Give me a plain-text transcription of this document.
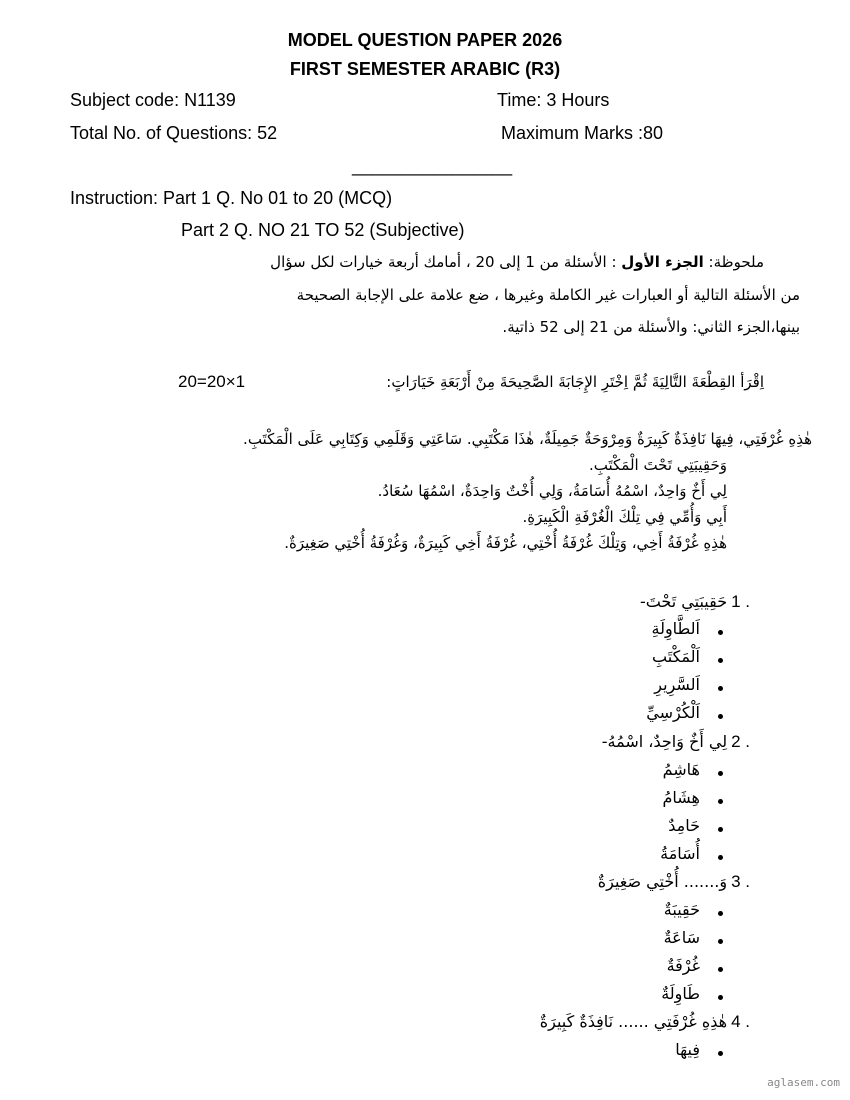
MODEL QUESTION PAPER 2026
FIRST SEMESTER ARABIC (R3)
Subject code: N1139	Time: 3 Hours
Total No. of Questions: 52	Maximum Marks :80
________________
Instruction: Part 1 Q. No 01 to 20 (MCQ)
Part 2 Q. NO 21 TO 52 (Subjective)
ملحوظة: الجزء الأول : الأسئلة من 1 إلى 20 ، أمامك أربعة خيارات لكل سؤال
من الأسئلة التالية أو العبارات غير الكاملة وغيرها ، ضع علامة على الإجابة الصحيحة
بينها،الجزء الثاني: والأسئلة من 21 إلى 52 ذاتية.
20=20×1	اِقْرَأ القِطْعَةَ التَّالِيَةَ ثُمَّ اِخْتَرِ الإِجَابَةَ الصَّحِيحَةَ مِنْ أَرْبَعَةِ خَيَارَاتٍ:
هٰذِهِ غُرْفَتِي، فِيهَا نَافِذَةٌ كَبِيرَةٌ وَمِرْوَحَةٌ جَمِيلَةٌ، هٰذَا مَكْتَبِي. سَاعَتِي وَقَلَمِي وَكِتَابِي عَلَى الْمَكْتَبِ.
وَحَقِيبَتِي تَحْتَ الْمَكْتَبِ.
لِي أَخٌ وَاحِدٌ، اسْمُهُ أُسَامَةُ، وَلِي أُخْتٌ وَاحِدَةٌ، اسْمُهَا سُعَادُ.
أَبِي وَأُمِّي فِي تِلْكَ الْغُرْفَةِ الْكَبِيرَةِ.
هٰذِهِ غُرْفَةُ أَخِي، وَتِلْكَ غُرْفَةُ أُخْتِي، غُرْفَةُ أَخِي كَبِيرَةٌ، وَغُرْفَةُ أُخْتِي صَغِيرَةٌ.
1 .
حَقِيبَتِي تَحْتَ-
اَلطَّاوِلَةِ
اَلْمَكْتَبِ
اَلسَّرِيرِ
اَلْكُرْسِيِّ
2 .
لِي أَخٌ وَاحِدٌ، اسْمُهُ-
هَاشِمُ
هِشَامُ
حَامِدٌ
أُسَامَةُ
3 .
وَ....... أُخْتِي صَغِيرَةٌ
حَقِيبَةٌ
سَاعَةٌ
غُرْفَةٌ
طَاوِلَةٌ
4 .
هٰذِهِ غُرْفَتِي ...... نَافِذَةٌ كَبِيرَةٌ
فِيهَا
aglasem.com
